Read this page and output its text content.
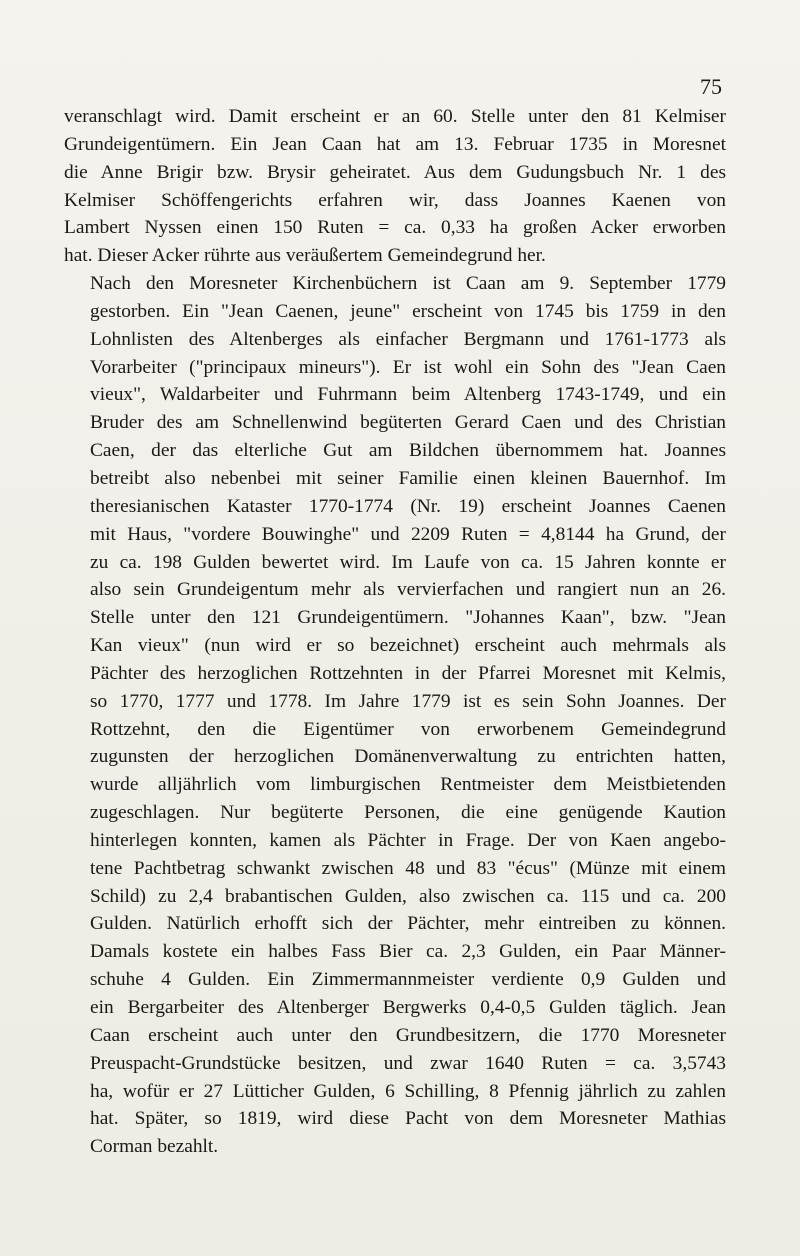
75

veranschlagt wird. Damit erscheint er an 60. Stelle unter den 81 Kelmiser
Grundeigentümern. Ein Jean Caan hat am 13. Februar 1735 in Moresnet
die Anne Brigir bzw. Brysir geheiratet. Aus dem Gudungsbuch Nr. 1 des
Kelmiser Schöffengerichts erfahren wir, dass Joannes Kaenen von
Lambert Nyssen einen 150 Ruten = ca. 0,33 ha großen Acker erworben
hat. Dieser Acker rührte aus veräußertem Gemeindegrund her.

Nach den Moresneter Kirchenbüchern ist Caan am 9. September 1779
gestorben. Ein "Jean Caenen, jeune" erscheint von 1745 bis 1759 in den
Lohnlisten des Altenberges als einfacher Bergmann und 1761-1773 als
Vorarbeiter ("principaux mineurs"). Er ist wohl ein Sohn des "Jean Caen
vieux", Waldarbeiter und Fuhrmann beim Altenberg 1743-1749, und ein
Bruder des am Schnellenwind begüterten Gerard Caen und des Christian
Caen, der das elterliche Gut am Bildchen übernommem hat. Joannes
betreibt also nebenbei mit seiner Familie einen kleinen Bauernhof. Im
theresianischen Kataster 1770-1774 (Nr. 19) erscheint Joannes Caenen
mit Haus, "vordere Bouwinghe" und 2209 Ruten = 4,8144 ha Grund, der
zu ca. 198 Gulden bewertet wird. Im Laufe von ca. 15 Jahren konnte er
also sein Grundeigentum mehr als vervierfachen und rangiert nun an 26.
Stelle unter den 121 Grundeigentümern. "Johannes Kaan", bzw. "Jean
Kan vieux" (nun wird er so bezeichnet) erscheint auch mehrmals als
Pächter des herzoglichen Rottzehnten in der Pfarrei Moresnet mit Kelmis,
so 1770, 1777 und 1778. Im Jahre 1779 ist es sein Sohn Joannes. Der
Rottzehnt, den die Eigentümer von erworbenem Gemeindegrund
zugunsten der herzoglichen Domänenverwaltung zu entrichten hatten,
wurde alljährlich vom limburgischen Rentmeister dem Meistbietenden
zugeschlagen. Nur begüterte Personen, die eine genügende Kaution
hinterlegen konnten, kamen als Pächter in Frage. Der von Kaen angebo-
tene Pachtbetrag schwankt zwischen 48 und 83 "écus" (Münze mit einem
Schild) zu 2,4 brabantischen Gulden, also zwischen ca. 115 und ca. 200
Gulden. Natürlich erhofft sich der Pächter, mehr eintreiben zu können.
Damals kostete ein halbes Fass Bier ca. 2,3 Gulden, ein Paar Männer-
schuhe 4 Gulden. Ein Zimmermannmeister verdiente 0,9 Gulden und
ein Bergarbeiter des Altenberger Bergwerks 0,4-0,5 Gulden täglich. Jean
Caan erscheint auch unter den Grundbesitzern, die 1770 Moresneter
Preuspacht-Grundstücke besitzen, und zwar 1640 Ruten = ca. 3,5743
ha, wofür er 27 Lütticher Gulden, 6 Schilling, 8 Pfennig jährlich zu zahlen
hat. Später, so 1819, wird diese Pacht von dem Moresneter Mathias
Corman bezahlt.
